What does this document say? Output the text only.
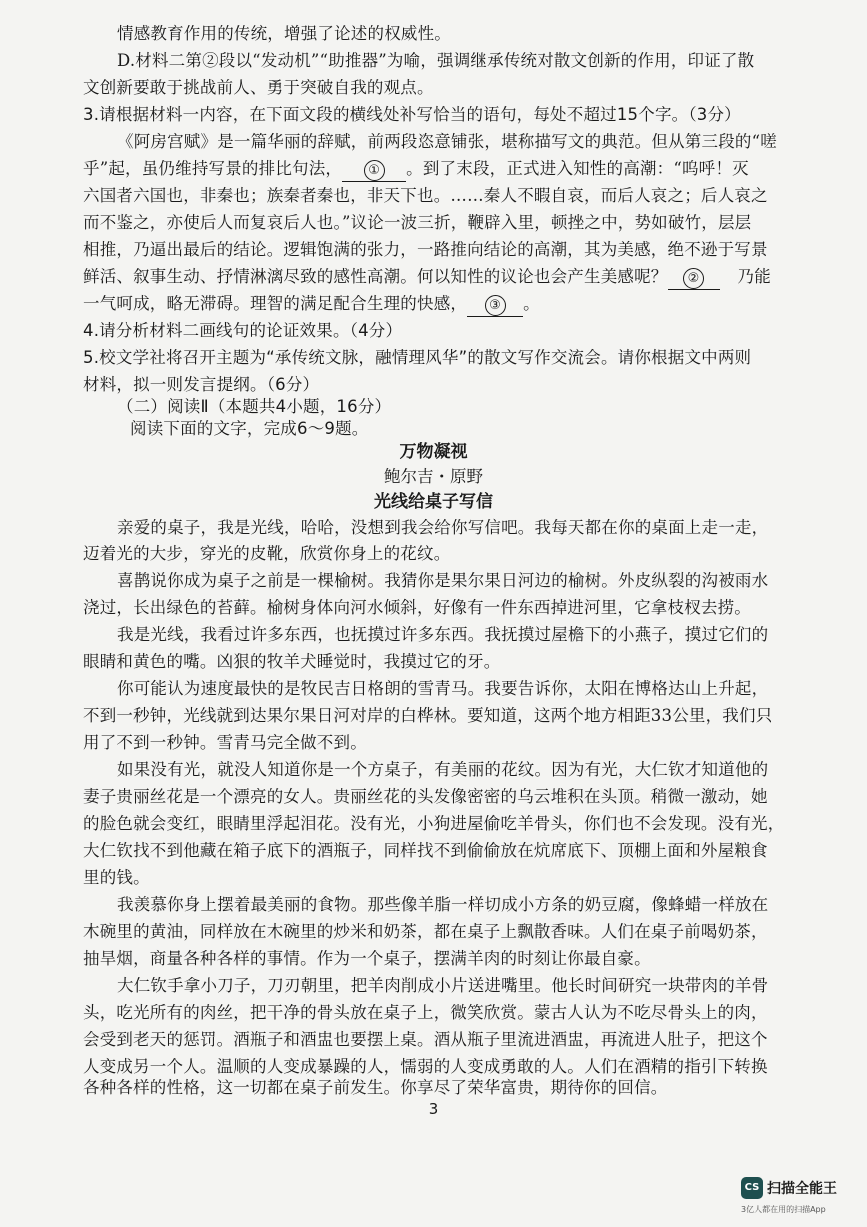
情感教育作用的传统，增强了论述的权威性。
D.材料二第②段以“发动机”“助推器”为喻，强调继承传统对散文创新的作用，印证了散
文创新要敢于挑战前人、勇于突破自我的观点。
3.请根据材料一内容，在下面文段的横线处补写恰当的语句，每处不超过15个字。（3分）
《阿房宫赋》是一篇华丽的辞赋，前两段恣意铺张，堪称描写文的典范。但从第三段的“嗟
乎”起，虽仍维持写景的排比句法， ① 。到了末段，正式进入知性的高潮：“呜呼！灭
六国者六国也，非秦也；族秦者秦也，非天下也。……秦人不暇自哀，而后人哀之；后人哀之
而不鉴之，亦使后人而复哀后人也。”议论一波三折，鞭辟入里，顿挫之中，势如破竹，层层
相推，乃逼出最后的结论。逻辑饱满的张力，一路推向结论的高潮，其为美感，绝不逊于写景
鲜活、叙事生动、抒情淋漓尽致的感性高潮。何以知性的议论也会产生美感呢？ ② 乃能
一气呵成，略无滞碍。理智的满足配合生理的快感， ③ 。
4.请分析材料二画线句的论证效果。（4分）
5.校文学社将召开主题为“承传统文脉，融情理风华”的散文写作交流会。请你根据文中两则
材料，拟一则发言提纲。（6分）
（二）阅读Ⅱ（本题共4小题，16分）
阅读下面的文字，完成6～9题。
万物凝视
鲍尔吉・原野
光线给桌子写信
亲爱的桌子，我是光线，哈哈，没想到我会给你写信吧。我每天都在你的桌面上走一走，
迈着光的大步，穿光的皮靴，欣赏你身上的花纹。
喜鹊说你成为桌子之前是一棵榆树。我猜你是果尔果日河边的榆树。外皮纵裂的沟被雨水
浇过，长出绿色的苔藓。榆树身体向河水倾斜，好像有一件东西掉进河里，它拿枝杈去捞。
我是光线，我看过许多东西，也抚摸过许多东西。我抚摸过屋檐下的小燕子，摸过它们的
眼睛和黄色的嘴。凶狠的牧羊犬睡觉时，我摸过它的牙。
你可能认为速度最快的是牧民吉日格朗的雪青马。我要告诉你，太阳在博格达山上升起，
不到一秒钟，光线就到达果尔果日河对岸的白桦林。要知道，这两个地方相距33公里，我们只
用了不到一秒钟。雪青马完全做不到。
如果没有光，就没人知道你是一个方桌子，有美丽的花纹。因为有光，大仁钦才知道他的
妻子贵丽丝花是一个漂亮的女人。贵丽丝花的头发像密密的乌云堆积在头顶。稍微一激动，她
的脸色就会变红，眼睛里浮起泪花。没有光，小狗进屋偷吃羊骨头，你们也不会发现。没有光，
大仁钦找不到他藏在箱子底下的酒瓶子，同样找不到偷偷放在炕席底下、顶棚上面和外屋粮食
里的钱。
我羡慕你身上摆着最美丽的食物。那些像羊脂一样切成小方条的奶豆腐，像蜂蜡一样放在
木碗里的黄油，同样放在木碗里的炒米和奶茶，都在桌子上飘散香味。人们在桌子前喝奶茶，
抽旱烟，商量各种各样的事情。作为一个桌子，摆满羊肉的时刻让你最自豪。
大仁钦手拿小刀子，刀刃朝里，把羊肉削成小片送进嘴里。他长时间研究一块带肉的羊骨
头，吃光所有的肉丝，把干净的骨头放在桌子上，微笑欣赏。蒙古人认为不吃尽骨头上的肉，
会受到老天的惩罚。酒瓶子和酒盅也要摆上桌。酒从瓶子里流进酒盅，再流进人肚子，把这个
人变成另一个人。温顺的人变成暴躁的人，懦弱的人变成勇敢的人。人们在酒精的指引下转换
各种各样的性格，这一切都在桌子前发生。你享尽了荣华富贵，期待你的回信。
3
CS 扫描全能王
3亿人都在用的扫描App
